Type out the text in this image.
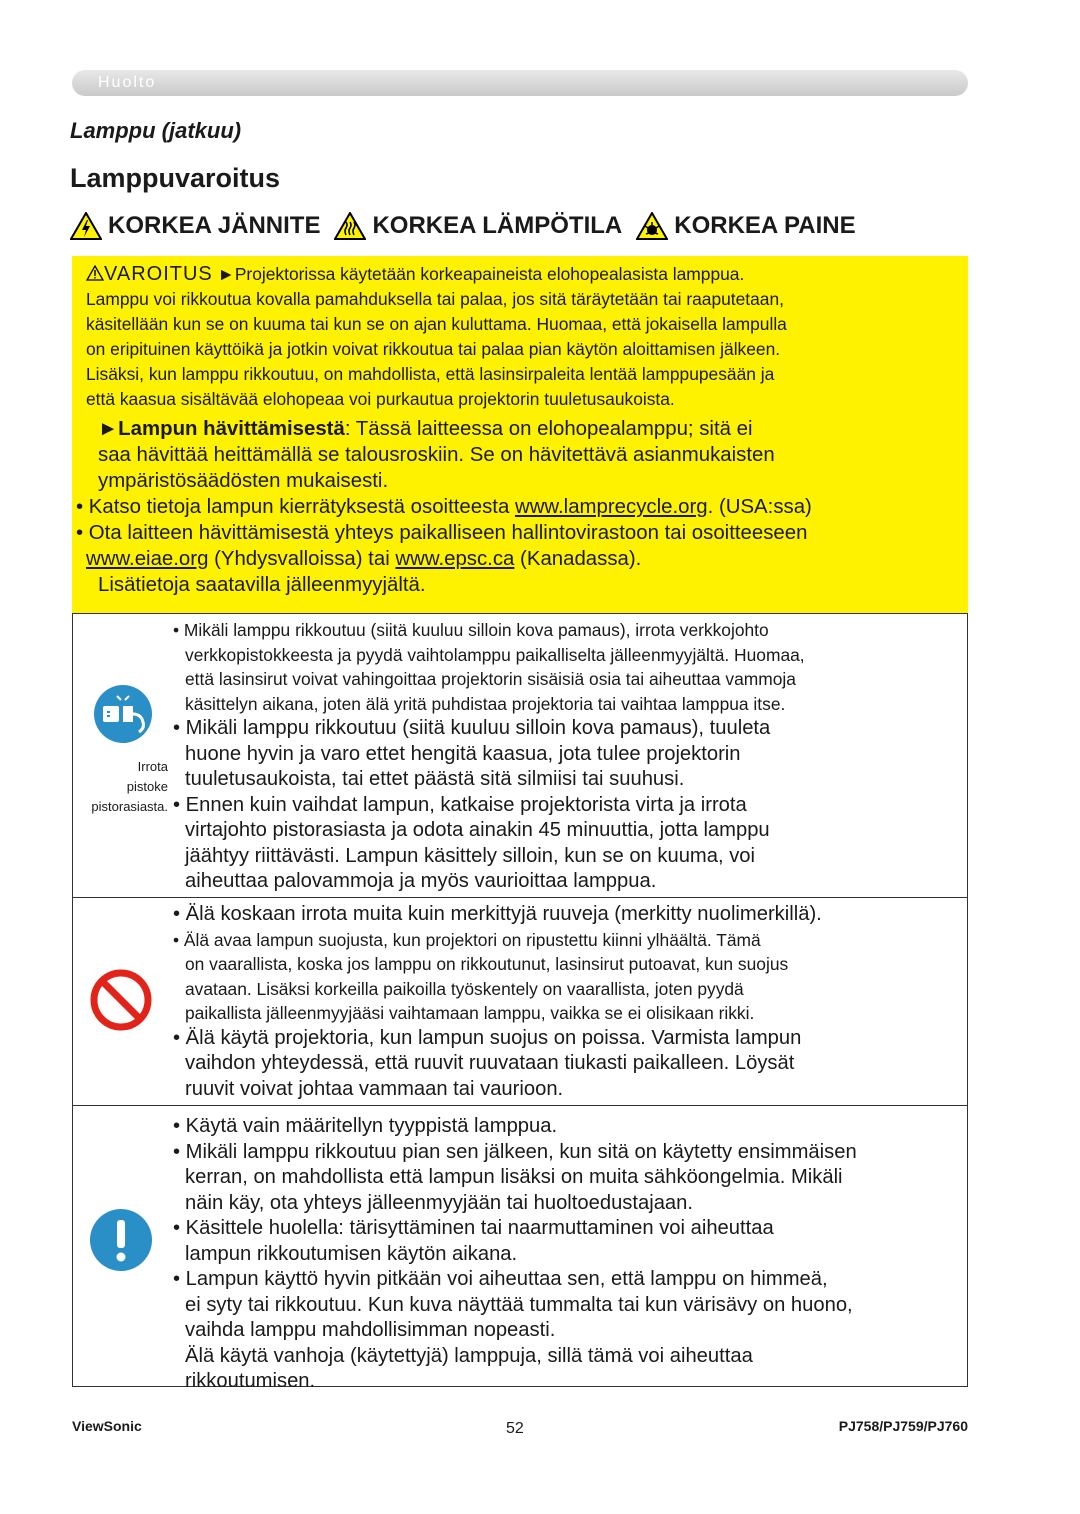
Huolto
Lamppu (jatkuu)
Lamppuvaroitus
KORKEA JÄNNITE KORKEA LÄMPÖTILA KORKEA PAINE
VAROITUS ►Projektorissa käytetään korkeapaineista elohopealasista lamppua.
Lamppu voi rikkoutua kovalla pamahduksella tai palaa, jos sitä täräytetään tai raaputetaan,
käsitellään kun se on kuuma tai kun se on ajan kuluttama. Huomaa, että jokaisella lampulla
on eripituinen käyttöikä ja jotkin voivat rikkoutua tai palaa pian käytön aloittamisen jälkeen.
Lisäksi, kun lamppu rikkoutuu, on mahdollista, että lasinsirpaleita lentää lamppupesään ja
että kaasua sisältävää elohopeaa voi purkautua projektorin tuuletusaukoista.
►Lampun hävittämisestä: Tässä laitteessa on elohopealamppu; sitä ei
saa hävittää heittämällä se talousroskiin. Se on hävitettävä asianmukaisten
ympäristösäädösten mukaisesti.
• Katso tietoja lampun kierrätyksestä osoitteesta www.lamprecycle.org. (USA:ssa)
• Ota laitteen hävittämisestä yhteys paikalliseen hallintovirastoon tai osoitteeseen
www.eiae.org (Yhdysvalloissa) tai www.epsc.ca (Kanadassa).
Lisätietoja saatavilla jälleenmyyjältä.
Irrota
pistoke
pistorasiasta.
• Mikäli lamppu rikkoutuu (siitä kuuluu silloin kova pamaus), irrota verkkojohto
verkkopistokkeesta ja pyydä vaihtolamppu paikalliselta jälleenmyyjältä. Huomaa,
että lasinsirut voivat vahingoittaa projektorin sisäisiä osia tai aiheuttaa vammoja
käsittelyn aikana, joten älä yritä puhdistaa projektoria tai vaihtaa lamppua itse.
• Mikäli lamppu rikkoutuu (siitä kuuluu silloin kova pamaus), tuuleta
huone hyvin ja varo ettet hengitä kaasua, jota tulee projektorin
tuuletusaukoista, tai ettet päästä sitä silmiisi tai suuhusi.
• Ennen kuin vaihdat lampun, katkaise projektorista virta ja irrota
virtajohto pistorasiasta ja odota ainakin 45 minuuttia, jotta lamppu
jäähtyy riittävästi. Lampun käsittely silloin, kun se on kuuma, voi
aiheuttaa palovammoja ja myös vaurioittaa lamppua.
• Älä koskaan irrota muita kuin merkittyjä ruuveja (merkitty nuolimerkillä).
• Älä avaa lampun suojusta, kun projektori on ripustettu kiinni ylhäältä. Tämä
on vaarallista, koska jos lamppu on rikkoutunut, lasinsirut putoavat, kun suojus
avataan. Lisäksi korkeilla paikoilla työskentely on vaarallista, joten pyydä
paikallista jälleenmyyjääsi vaihtamaan lamppu, vaikka se ei olisikaan rikki.
• Älä käytä projektoria, kun lampun suojus on poissa. Varmista lampun
vaihdon yhteydessä, että ruuvit ruuvataan tiukasti paikalleen. Löysät
ruuvit voivat johtaa vammaan tai vaurioon.
• Käytä vain määritellyn tyyppistä lamppua.
• Mikäli lamppu rikkoutuu pian sen jälkeen, kun sitä on käytetty ensimmäisen
kerran, on mahdollista että lampun lisäksi on muita sähköongelmia. Mikäli
näin käy, ota yhteys jälleenmyyjään tai huoltoedustajaan.
• Käsittele huolella: tärisyttäminen tai naarmuttaminen voi aiheuttaa
lampun rikkoutumisen käytön aikana.
• Lampun käyttö hyvin pitkään voi aiheuttaa sen, että lamppu on himmeä,
ei syty tai rikkoutuu. Kun kuva näyttää tummalta tai kun värisävy on huono,
vaihda lamppu mahdollisimman nopeasti.
Älä käytä vanhoja (käytettyjä) lamppuja, sillä tämä voi aiheuttaa
rikkoutumisen.
ViewSonic	52	PJ758/PJ759/PJ760
